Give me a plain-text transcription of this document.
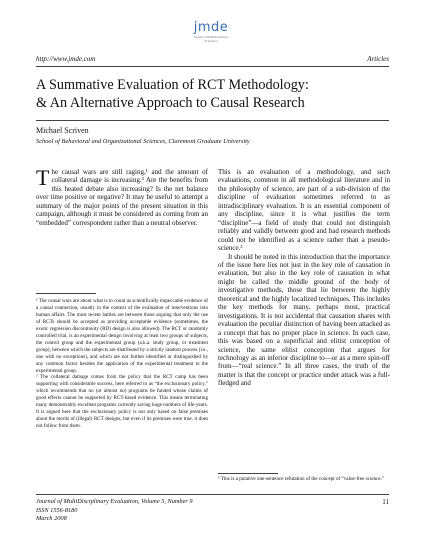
jmde
Journal of MultiDisciplinary Evaluation
http://www.jmde.com	Articles
A Summative Evaluation of RCT Methodology:
& An Alternative Approach to Causal Research
Michael Scriven
School of Behavioral and Organizational Sciences, Claremont Graduate University

The causal wars are still raging,¹ and the amount of collateral damage is increasing.² Are the benefits from this heated debate also increasing? Is the net balance over time positive or negative? It may be useful to attempt a summary of the major points of the present situation in this campaign, although it must be considered as coming from an “embedded” correspondent rather than a neutral observer.

¹ The causal wars are about what is to count as scientifically impeccable evidence of a causal connection, usually in the context of the evaluation of interventions into human affairs. The most recent battles are between those arguing that only the use of RCTs should be accepted as providing acceptable evidence (sometimes, the exotic regression discontinuity (RD) design is also allowed). The RCT or randomly controlled trial, is an experimental design involving at least two groups of subjects, the control group and the experimental group (a.k.a. study group, or treatment group), between which the subjects are distributed by a strictly random process (i.e., one with no exceptions), and which are not further identified or distinguished by any common factor besides the application of the experimental treatment to the experimental group.

² The collateral damage comes from the policy that the RCT camp has been supporting with considerable success, here referred to as “the exclusionary policy,” which recommends that no (or almost no) programs be funded whose claims of good effects cannot be supported by RCT-based evidence. This means terminating many demonstrably excellent programs currently saving huge numbers of life-years. It is argued here that the exclusionary policy is not only based on false premises about the merits of (illegal) RCT designs, but even if its premises were true, it does not follow from them.

This is an evaluation of a methodology, and such evaluations, common in all methodological literature and in the philosophy of science, are part of a sub-division of the discipline of evaluation sometimes referred to as intradisciplinary evaluation. It is an essential component of any discipline, since it is what justifies the term “discipline”—a field of study that could not distinguish reliably and validly between good and bad research methods could not be identified as a science rather than a pseudo-science.³

It should be noted in this introduction that the importance of the issue here lies not just in the key role of causation in evaluation, but also in the key role of causation in what might be called the middle ground of the body of investigative methods, those that lie between the highly theoretical and the highly localized techniques. This includes the key methods for many, perhaps most, practical investigations. It is not accidental that causation shares with evaluation the peculiar distinction of having been attacked as a concept that has no proper place in science. In each case, this was based on a superficial and elitist conception of science, the same elitist conception that argues for technology as an inferior discipline to—or as a mere spin-off from—“real science.” In all three cases, the truth of the matter is that the concept or practice under attack was a full-fledged and

³ This is a putative one-sentence refutation of the concept of “value-free science.”
Journal of MultiDisciplinary Evaluation, Volume 5, Number 9
ISSN 1556-8180
March 2008
11
